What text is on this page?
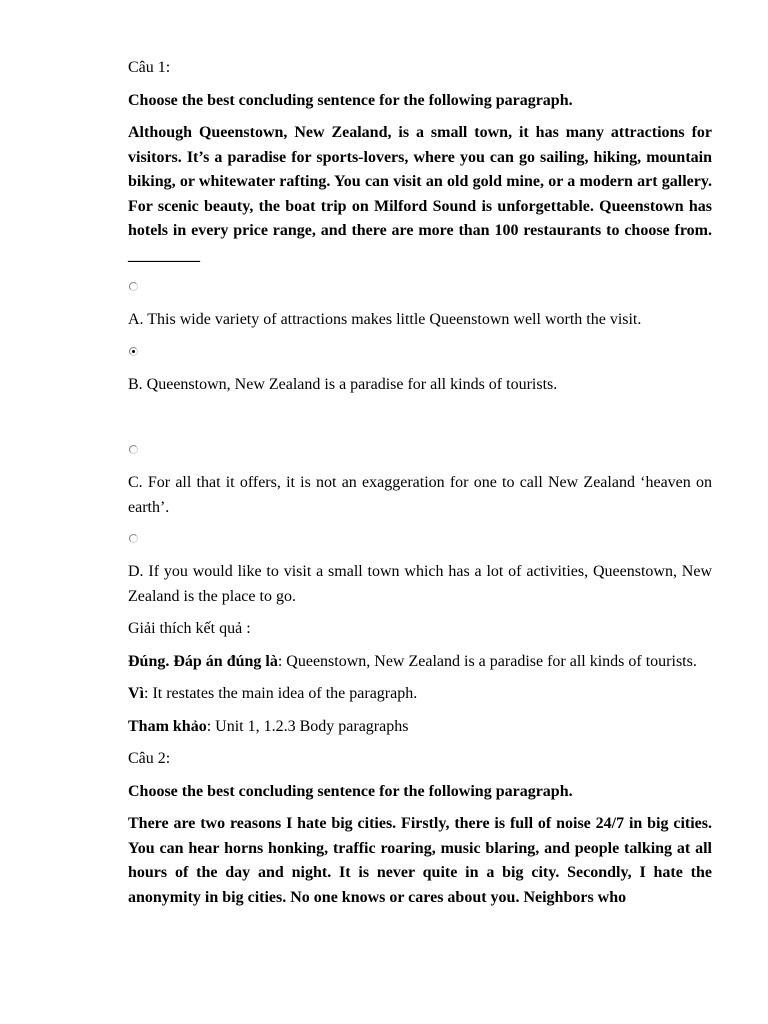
Câu 1:
Choose the best concluding sentence for the following paragraph.
Although Queenstown, New Zealand, is a small town, it has many attractions for visitors. It’s a paradise for sports-lovers, where you can go sailing, hiking, mountain biking, or whitewater rafting. You can visit an old gold mine, or a modern art gallery. For scenic beauty, the boat trip on Milford Sound is unforgettable. Queenstown has hotels in every price range, and there are more than 100 restaurants to choose from. _________
A. This wide variety of attractions makes little Queenstown well worth the visit.
B. Queenstown, New Zealand is a paradise for all kinds of tourists.
C. For all that it offers, it is not an exaggeration for one to call New Zealand ‘heaven on earth’.
D. If you would like to visit a small town which has a lot of activities, Queenstown, New Zealand is the place to go.
Giải thích kết quả :
Đúng. Đáp án đúng là: Queenstown, New Zealand is a paradise for all kinds of tourists.
Vì: It restates the main idea of the paragraph.
Tham khảo: Unit 1, 1.2.3 Body paragraphs
Câu 2:
Choose the best concluding sentence for the following paragraph.
There are two reasons I hate big cities. Firstly, there is full of noise 24/7 in big cities. You can hear horns honking, traffic roaring, music blaring, and people talking at all hours of the day and night. It is never quite in a big city. Secondly, I hate the anonymity in big cities. No one knows or cares about you. Neighbors who
